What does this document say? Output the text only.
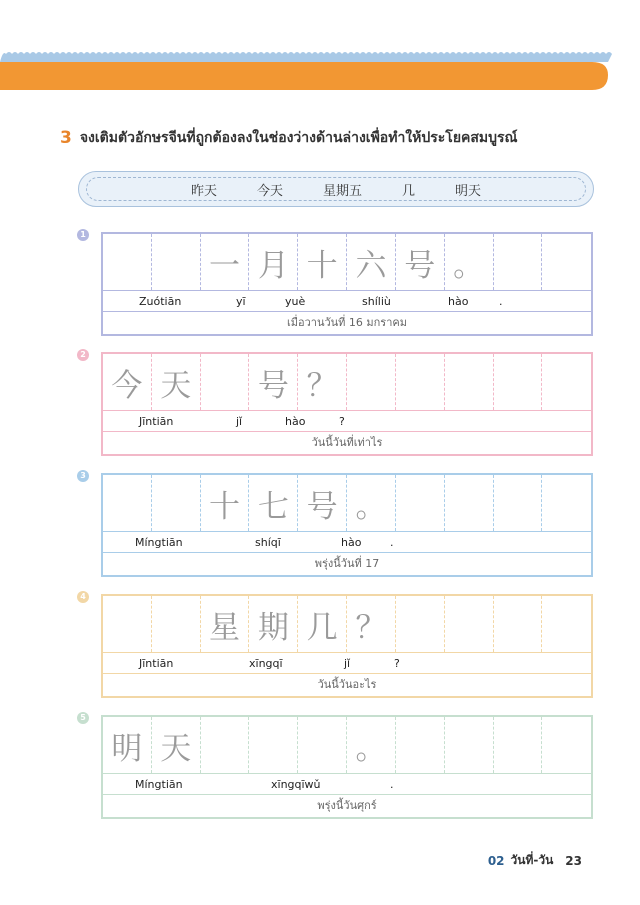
3 จงเติมตัวอักษรจีนที่ถูกต้องลงในช่องว่างด้านล่างเพื่อทำให้ประโยคสมบูรณ์
昨天	今天	星期五	几	明天
1
一 月 十 六 号 。
Zuótiān	yī	yuè	shíliù	hào	.
เมื่อวานวันที่ 16 มกราคม
2
今 天	号 ？
Jīntiān	jǐ	hào	?
วันนี้วันที่เท่าไร
3
十 七 号 。
Míngtiān	shíqī	hào	.
พรุ่งนี้วันที่ 17
4
星 期 几 ？
Jīntiān	xīngqī	jǐ	?
วันนี้วันอะไร
5
明 天	。
Míngtiān	xīngqīwǔ	.
พรุ่งนี้วันศุกร์
02 วันที่-วัน 23
